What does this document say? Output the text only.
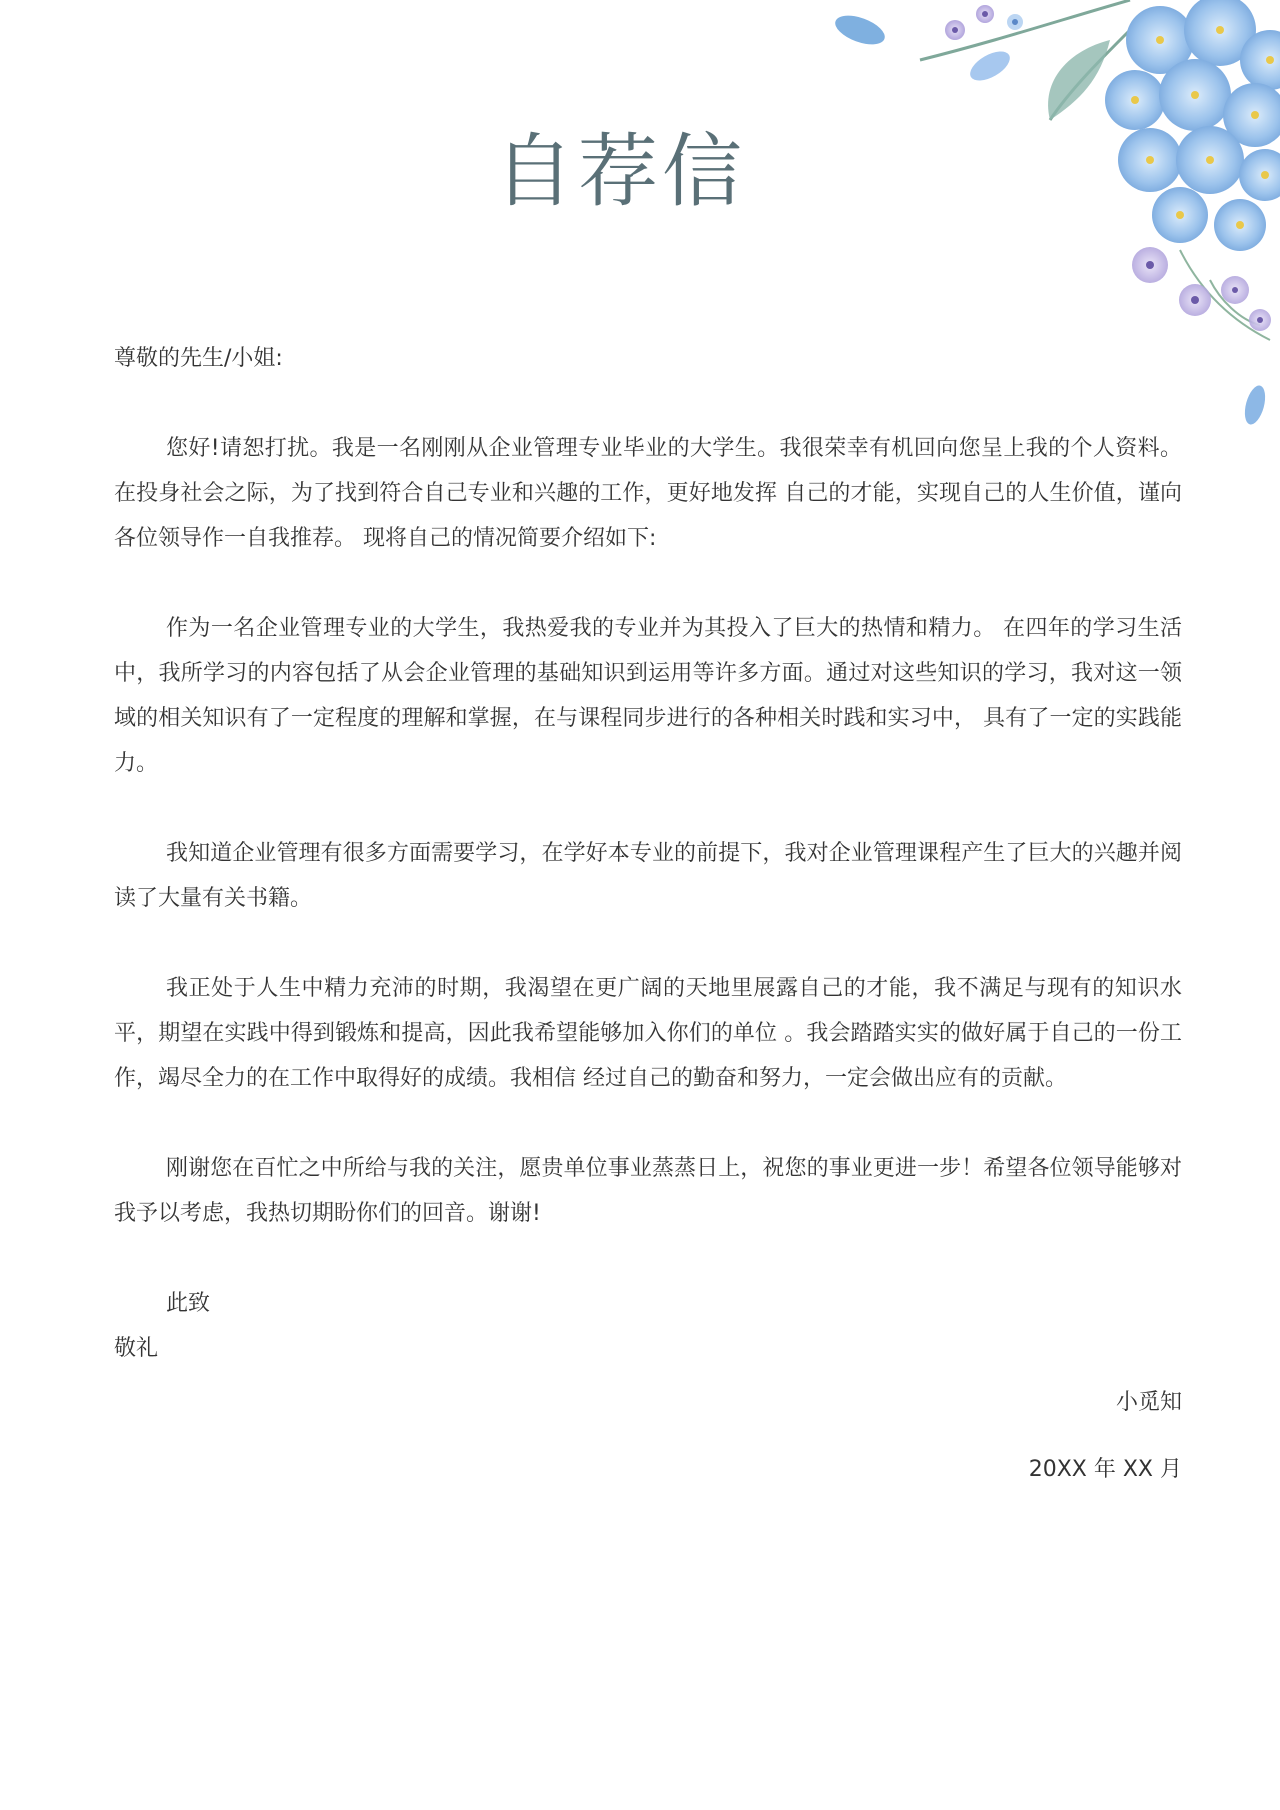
自荐信

尊敬的先生/小姐:

您好!请恕打扰。我是一名刚刚从企业管理专业毕业的大学生。我很荣幸有机回向您呈上我的个人资料。在投身社会之际，为了找到符合自己专业和兴趣的工作，更好地发挥 自己的才能，实现自己的人生价值，谨向各位领导作一自我推荐。 现将自己的情况简要介绍如下:

作为一名企业管理专业的大学生，我热爱我的专业并为其投入了巨大的热情和精力。 在四年的学习生活中，我所学习的内容包括了从会企业管理的基础知识到运用等许多方面。通过对这些知识的学习，我对这一领域的相关知识有了一定程度的理解和掌握，在与课程同步进行的各种相关时践和实习中， 具有了一定的实践能力。

我知道企业管理有很多方面需要学习，在学好本专业的前提下，我对企业管理课程产生了巨大的兴趣并阅读了大量有关书籍。

我正处于人生中精力充沛的时期，我渴望在更广阔的天地里展露自己的才能，我不满足与现有的知识水平，期望在实践中得到锻炼和提高，因此我希望能够加入你们的单位 。我会踏踏实实的做好属于自己的一份工作，竭尽全力的在工作中取得好的成绩。我相信 经过自己的勤奋和努力，一定会做出应有的贡献。

刚谢您在百忙之中所给与我的关注，愿贵单位事业蒸蒸日上，祝您的事业更进一步！希望各位领导能够对我予以考虑，我热切期盼你们的回音。谢谢!

此致

敬礼

小觅知
20XX 年 XX 月
